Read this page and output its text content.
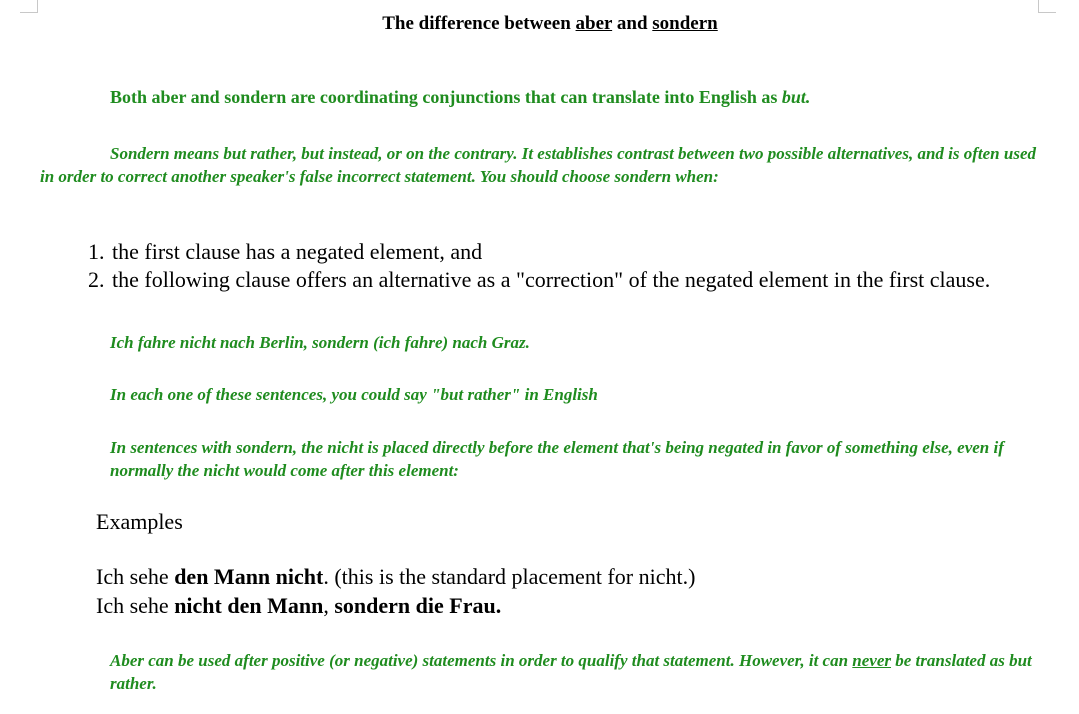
The difference between aber and sondern

Both aber and sondern are coordinating conjunctions that can translate into English as but.

Sondern means but rather, but instead, or on the contrary. It establishes contrast between two possible alternatives, and is often used in order to correct another speaker's false incorrect statement. You should choose sondern when:

1. the first clause has a negated element, and
2. the following clause offers an alternative as a "correction" of the negated element in the first clause.

Ich fahre nicht nach Berlin, sondern (ich fahre) nach Graz.

In each one of these sentences, you could say "but rather" in English

In sentences with sondern, the nicht is placed directly before the element that's being negated in favor of something else, even if normally the nicht would come after this element:

Examples

Ich sehe den Mann nicht. (this is the standard placement for nicht.)

Ich sehe nicht den Mann, sondern die Frau.

Aber can be used after positive (or negative) statements in order to qualify that statement. However, it can never be translated as but rather.
